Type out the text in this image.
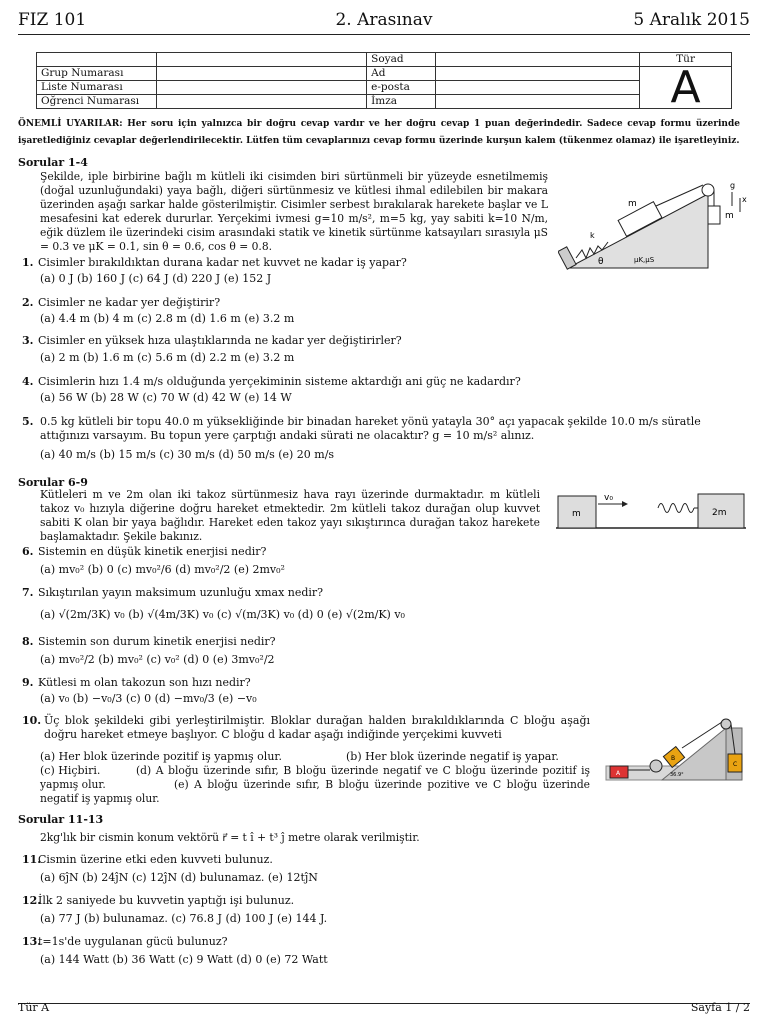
FIZ 101	2. Arasınav	5 Aralık 2015
		Soyad		Tür
Grup Numarası		Ad		A
Liste Numarası		e-posta		
Oğrenci Numarası		İmza		
ÖNEMLİ UYARILAR: Her soru için yalnızca bir doğru cevap vardır ve her doğru cevap 1 puan değerindedir. Sadece cevap formu üzerinde işaretlediğiniz cevaplar değerlendirilecektir. Lütfen tüm cevaplarınızı cevap formu üzerinde kurşun kalem (tükenmez olamaz) ile işaretleyiniz.
Sorular 1-4
Şekilde, iple birbirine bağlı m kütleli iki cisimden biri sürtünmeli bir yüzeyde esnetilmemiş (doğal uzunluğundaki) yaya bağlı, diğeri sürtünmesiz ve kütlesi ihmal edilebilen bir makara üzerinden aşağı sarkar halde gösterilmiştir. Cisimler serbest bırakılarak harekete başlar ve L mesafesini kat ederek dururlar. Yerçekimi ivmesi g=10 m/s², m=5 kg, yay sabiti k=10 N/m, eğik düzlem ile üzerindeki cisim arasındaki statik ve kinetik sürtünme katsayıları sırasıyla μS = 0.3 ve μK = 0.1, sin θ = 0.6, cos θ = 0.8.
m
m
k
θ	μK,μS
g
x
1. Cisimler bırakıldıktan durana kadar net kuvvet ne kadar iş yapar?
(a) 0 J (b) 160 J (c) 64 J (d) 220 J (e) 152 J
2. Cisimler ne kadar yer değiştirir?
(a) 4.4 m (b) 4 m (c) 2.8 m (d) 1.6 m (e) 3.2 m
3. Cisimler en yüksek hıza ulaştıklarında ne kadar yer değiştirirler?
(a) 2 m (b) 1.6 m (c) 5.6 m (d) 2.2 m (e) 3.2 m
4. Cisimlerin hızı 1.4 m/s olduğunda yerçekiminin sisteme aktardığı ani güç ne kadardır?
(a) 56 W (b) 28 W (c) 70 W (d) 42 W (e) 14 W
5. 0.5 kg kütleli bir topu 40.0 m yüksekliğinde bir binadan hareket yönü yatayla 30° açı yapacak şekilde 10.0 m/s süratle attığınızı varsayım. Bu topun yere çarptığı andaki sürati ne olacaktır? g = 10 m/s² alınız.
(a) 40 m/s (b) 15 m/s (c) 30 m/s (d) 50 m/s (e) 20 m/s
Sorular 6-9
Kütleleri m ve 2m olan iki takoz sürtünmesiz hava rayı üzerinde durmaktadır. m kütleli takoz v₀ hızıyla diğerine doğru hareket etmektedir. 2m kütleli takoz durağan olup kuvvet sabiti K olan bir yaya bağlıdır. Hareket eden takoz yayı sıkıştırınca durağan takoz harekete başlamaktadır. Şekile bakınız.
m	2m
v₀
6. Sistemin en düşük kinetik enerjisi nedir?
(a) mv₀² (b) 0 (c) mv₀²/6 (d) mv₀²/2 (e) 2mv₀²
7. Sıkıştırılan yayın maksimum uzunluğu xmax nedir?
(a) √(2m/3K) v₀ (b) √(4m/3K) v₀ (c) √(m/3K) v₀ (d) 0 (e) √(2m/K) v₀
8. Sistemin son durum kinetik enerjisi nedir?
(a) mv₀²/2 (b) mv₀² (c) v₀² (d) 0 (e) 3mv₀²/2
9. Kütlesi m olan takozun son hızı nedir?
(a) v₀ (b) −v₀/3 (c) 0 (d) −mv₀/3 (e) −v₀
10. Üç blok şekildeki gibi yerleştirilmiştir. Bloklar durağan halden bırakıldıklarında C bloğu aşağı doğru hareket etmeye başlıyor. C bloğu d kadar aşağı indiğinde yerçekimi kuvveti
(a) Her blok üzerinde pozitif iş yapmış olur.	(b) Her blok üzerinde negatif iş yapar.
(c) Hiçbiri.	(d) A bloğu üzerinde sıfır, B bloğu üzerinde negatif ve C bloğu üzerinde pozitif iş yapmış olur.	(e) A bloğu üzerinde sıfır, B bloğu üzerinde pozitive ve C bloğu üzerinde negatif iş yapmış olur.
A
B
C
36.9°
Sorular 11-13
2kg'lık bir cismin konum vektörü r⃗ = t î + t³ ĵ metre olarak verilmiştir.
11.Cismin üzerine etki eden kuvveti bulunuz.
(a) 6ĵN (b) 24ĵN (c) 12ĵN (d) bulunamaz. (e) 12tĵN
12.İlk 2 saniyede bu kuvvetin yaptığı işi bulunuz.
(a) 77 J (b) bulunamaz. (c) 76.8 J (d) 100 J (e) 144 J.
13.t=1s'de uygulanan gücü bulunuz?
(a) 144 Watt (b) 36 Watt (c) 9 Watt (d) 0 (e) 72 Watt
Tür A	Sayfa 1 / 2
